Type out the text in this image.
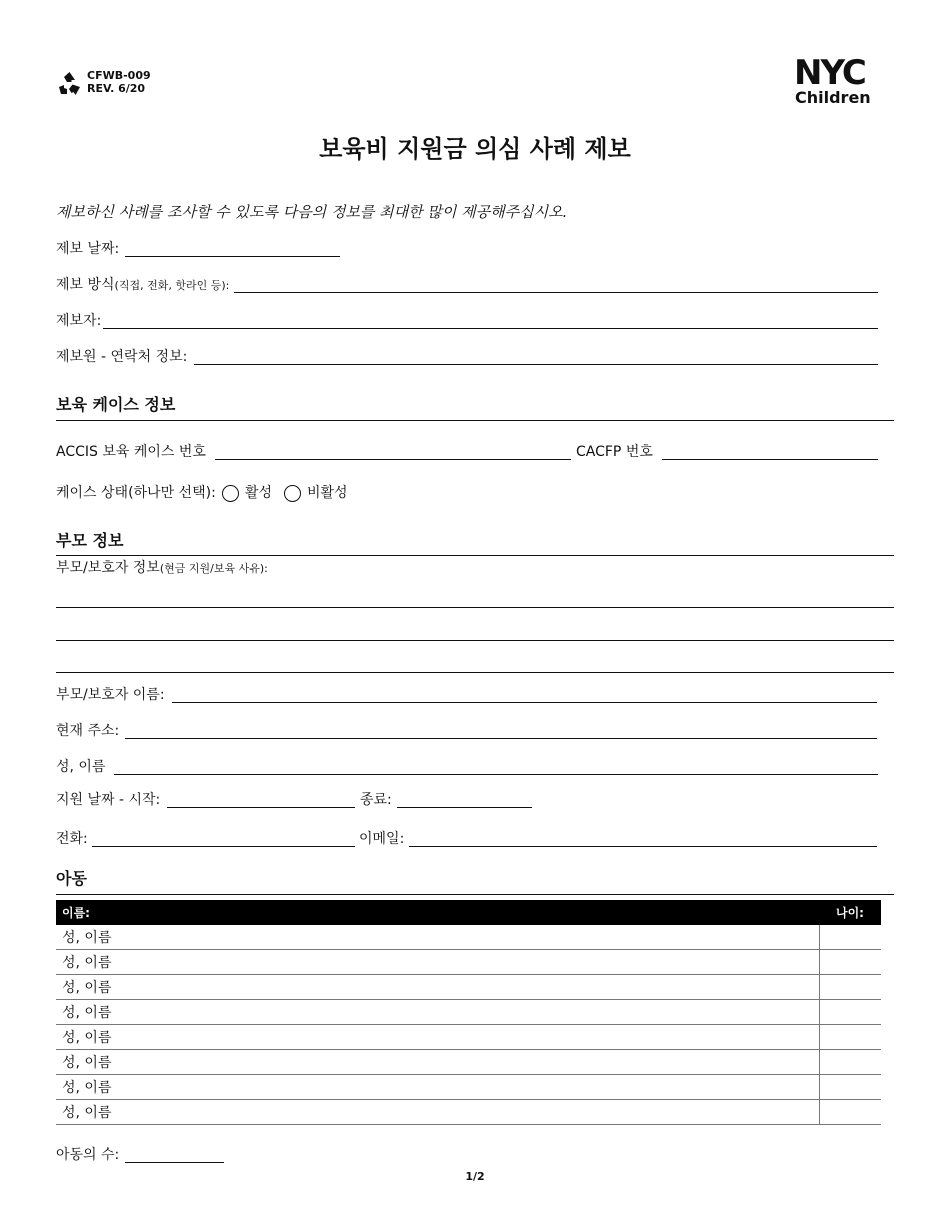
CFWB-009
REV. 6/20	NYC
Children
보육비 지원금 의심 사례 제보
제보하신 사례를 조사할 수 있도록 다음의 정보를 최대한 많이 제공해주십시오.
제보 날짜:
제보 방식(직접, 전화, 핫라인 등):
제보자:
제보원 - 연락처 정보:
보육 케이스 정보
ACCIS 보육 케이스 번호	CACFP 번호
케이스 상태(하나만 선택): 활성 비활성
부모 정보
부모/보호자 정보(현금 지원/보육 사유):
부모/보호자 이름:
현재 주소:
성, 이름
지원 날짜 - 시작:	종료:
전화:	이메일:
아동
이름:	나이:
성, 이름	
성, 이름	
성, 이름	
성, 이름	
성, 이름	
성, 이름	
성, 이름	
성, 이름	
아동의 수:
1/2
